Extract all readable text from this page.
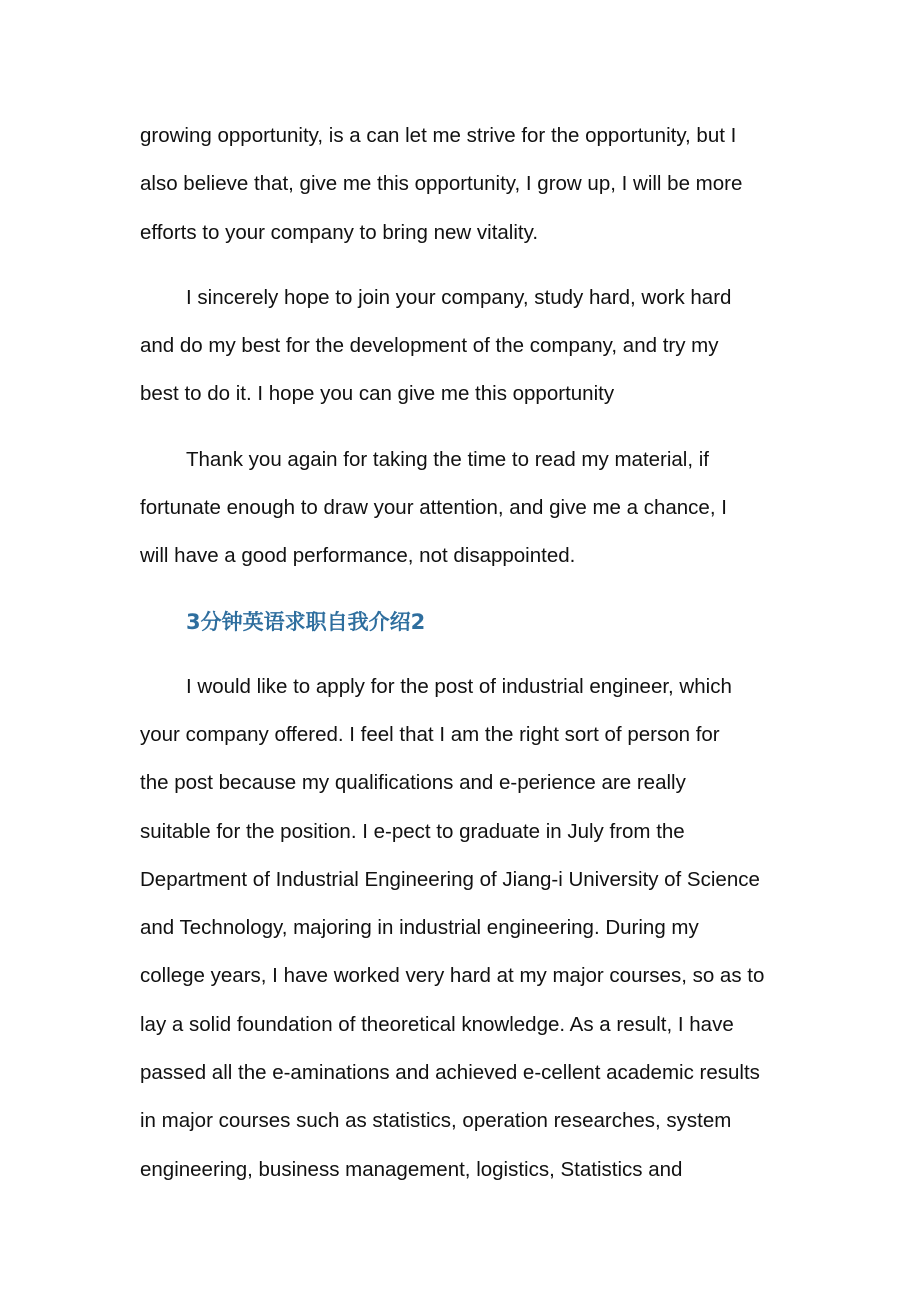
growing opportunity, is a can let me strive for the opportunity, but I
also believe that, give me this opportunity, I grow up, I will be more
efforts to your company to bring new vitality.

I sincerely hope to join your company, study hard, work hard
and do my best for the development of the company, and try my
best to do it. I hope you can give me this opportunity

Thank you again for taking the time to read my material, if
fortunate enough to draw your attention, and give me a chance, I
will have a good performance, not disappointed.

3分钟英语求职自我介绍2

I would like to apply for the post of industrial engineer, which
your company offered. I feel that I am the right sort of person for
the post because my qualifications and e-perience are really
suitable for the position. I e-pect to graduate in July from the
Department of Industrial Engineering of Jiang-i University of Science
and Technology, majoring in industrial engineering. During my
college years, I have worked very hard at my major courses, so as to
lay a solid foundation of theoretical knowledge. As a result, I have
passed all the e-aminations and achieved e-cellent academic results
in major courses such as statistics, operation researches, system
engineering, business management, logistics, Statistics and
